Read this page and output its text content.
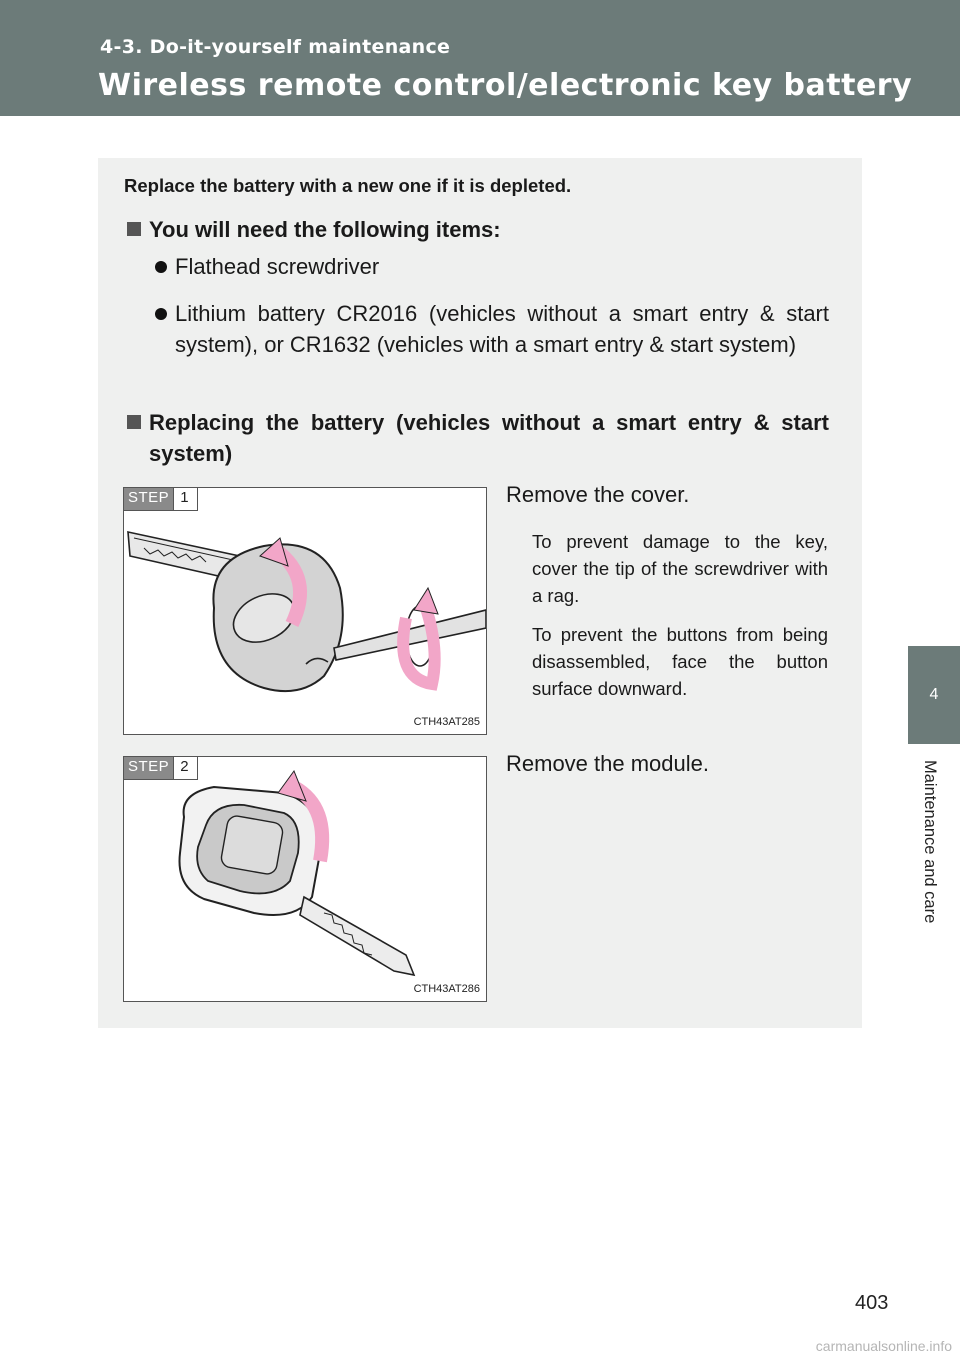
4-3. Do-it-yourself maintenance
Wireless remote control/electronic key battery
4
Maintenance and care
Replace the battery with a new one if it is depleted.
You will need the following items:
Flathead screwdriver
Lithium battery CR2016 (vehicles without a smart entry & start system), or CR1632 (vehicles with a smart entry & start system)
Replacing the battery (vehicles without a smart entry & start system)
STEP 1
CTH43AT285
Remove the cover.
To prevent damage to the key, cover the tip of the screwdriver with a rag.
To prevent the buttons from being disassembled, face the button surface downward.
STEP 2
CTH43AT286
Remove the module.
403
carmanualsonline.info
